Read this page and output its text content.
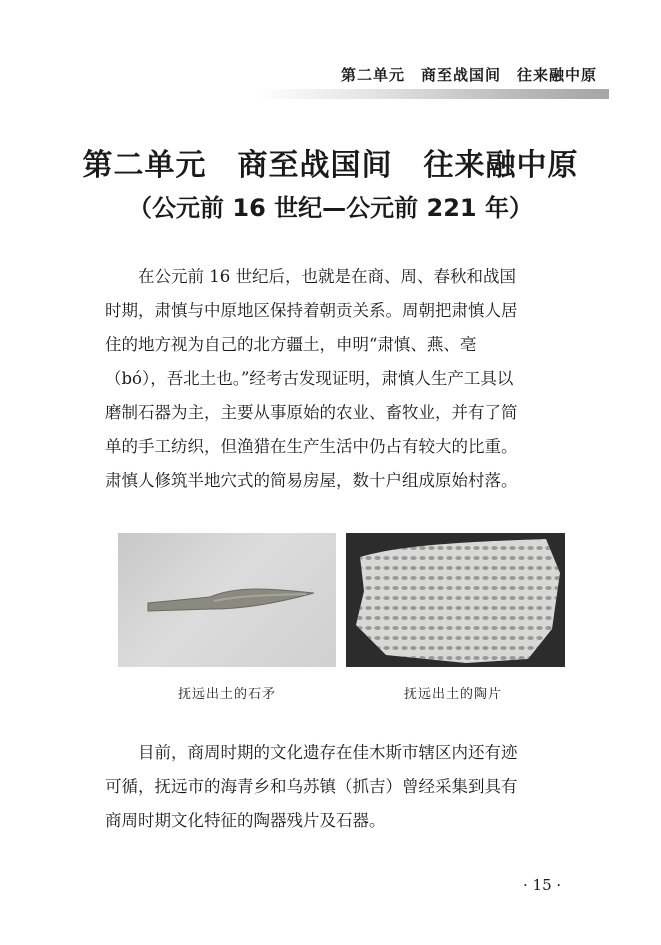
第二单元　商至战国间　往来融中原
第二单元　商至战国间　往来融中原
（公元前 16 世纪—公元前 221 年）
在公元前 16 世纪后，也就是在商、周、春秋和战国
时期，肃慎与中原地区保持着朝贡关系。周朝把肃慎人居
住的地方视为自己的北方疆土，申明“肃慎、燕、亳
（bó），吾北土也。”经考古发现证明，肃慎人生产工具以
磨制石器为主，主要从事原始的农业、畜牧业，并有了简
单的手工纺织，但渔猎在生产生活中仍占有较大的比重。
肃慎人修筑半地穴式的简易房屋，数十户组成原始村落。
抚远出土的石矛	抚远出土的陶片
目前，商周时期的文化遗存在佳木斯市辖区内还有迹
可循，抚远市的海青乡和乌苏镇（抓吉）曾经采集到具有
商周时期文化特征的陶器残片及石器。
· 15 ·
